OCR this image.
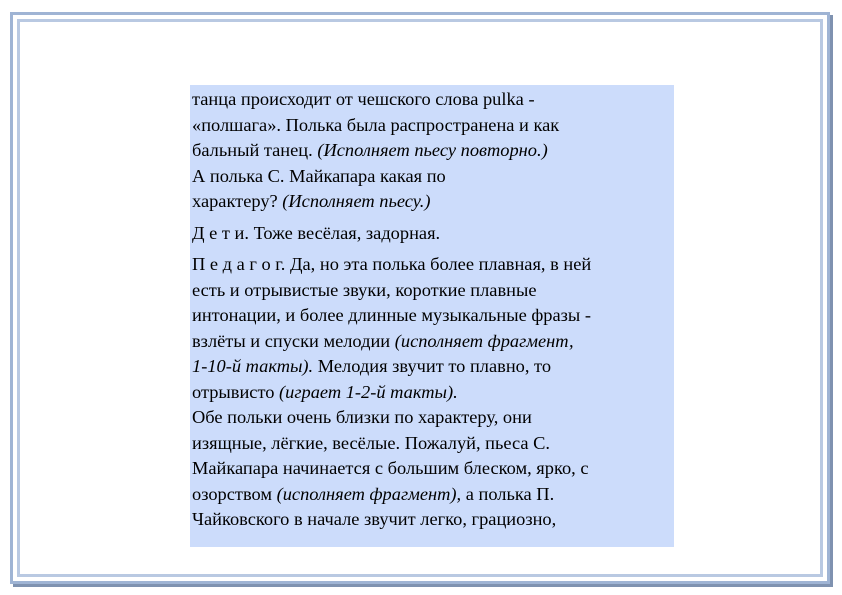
танца происходит от чешского слова pulka -
«полшага». Полька была распространена и как
бальный танец. (Исполняет пьесу повторно.)
А полька С. Майкапара какая по
характеру? (Исполняет пьесу.)
Д е т и. Тоже весёлая, задорная.
П е д а г о г. Да, но эта полька более плавная, в ней
есть и отрывистые звуки, короткие плавные
интонации, и более длинные музыкальные фразы -
взлёты и спуски мелодии (исполняет фрагмент,
1-10-й такты). Мелодия звучит то плавно, то
отрывисто (играет 1-2-й такты).
Обе польки очень близки по характеру, они
изящные, лёгкие, весёлые. Пожалуй, пьеса С.
Майкапара начинается с большим блеском, ярко, с
озорством (исполняет фрагмент), а полька П.
Чайковского в начале звучит легко, грациозно,
